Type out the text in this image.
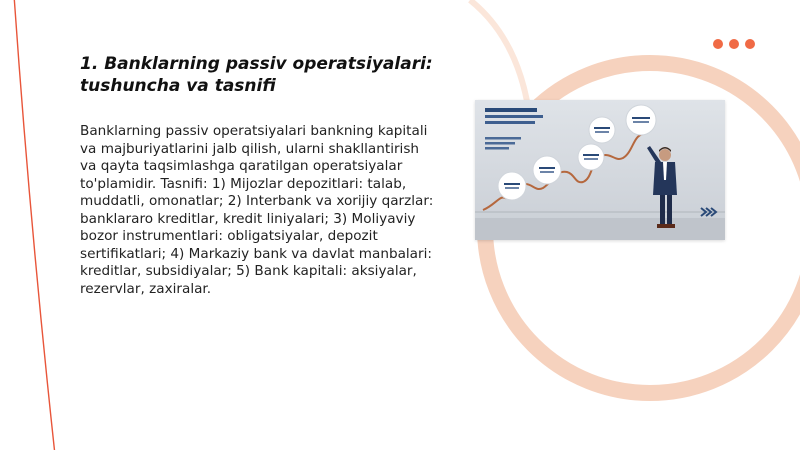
1. Banklarning passiv operatsiyalari: tushuncha va tasnifi

Banklarning passiv operatsiyalari bankning kapitali va majburiyatlarini jalb qilish, ularni shakllantirish va qayta taqsimlashga qaratilgan operatsiyalar to'plamidir. Tasnifi: 1) Mijozlar depozitlari: talab, muddatli, omonatlar; 2) Interbank va xorijiy qarzlar: banklararo kreditlar, kredit liniyalari; 3) Moliyaviy bozor instrumentlari: obligatsiyalar, depozit sertifikatlari; 4) Markaziy bank va davlat manbalari: kreditlar, subsidiyalar; 5) Bank kapitali: aksiyalar, rezervlar, zaxiralar.
